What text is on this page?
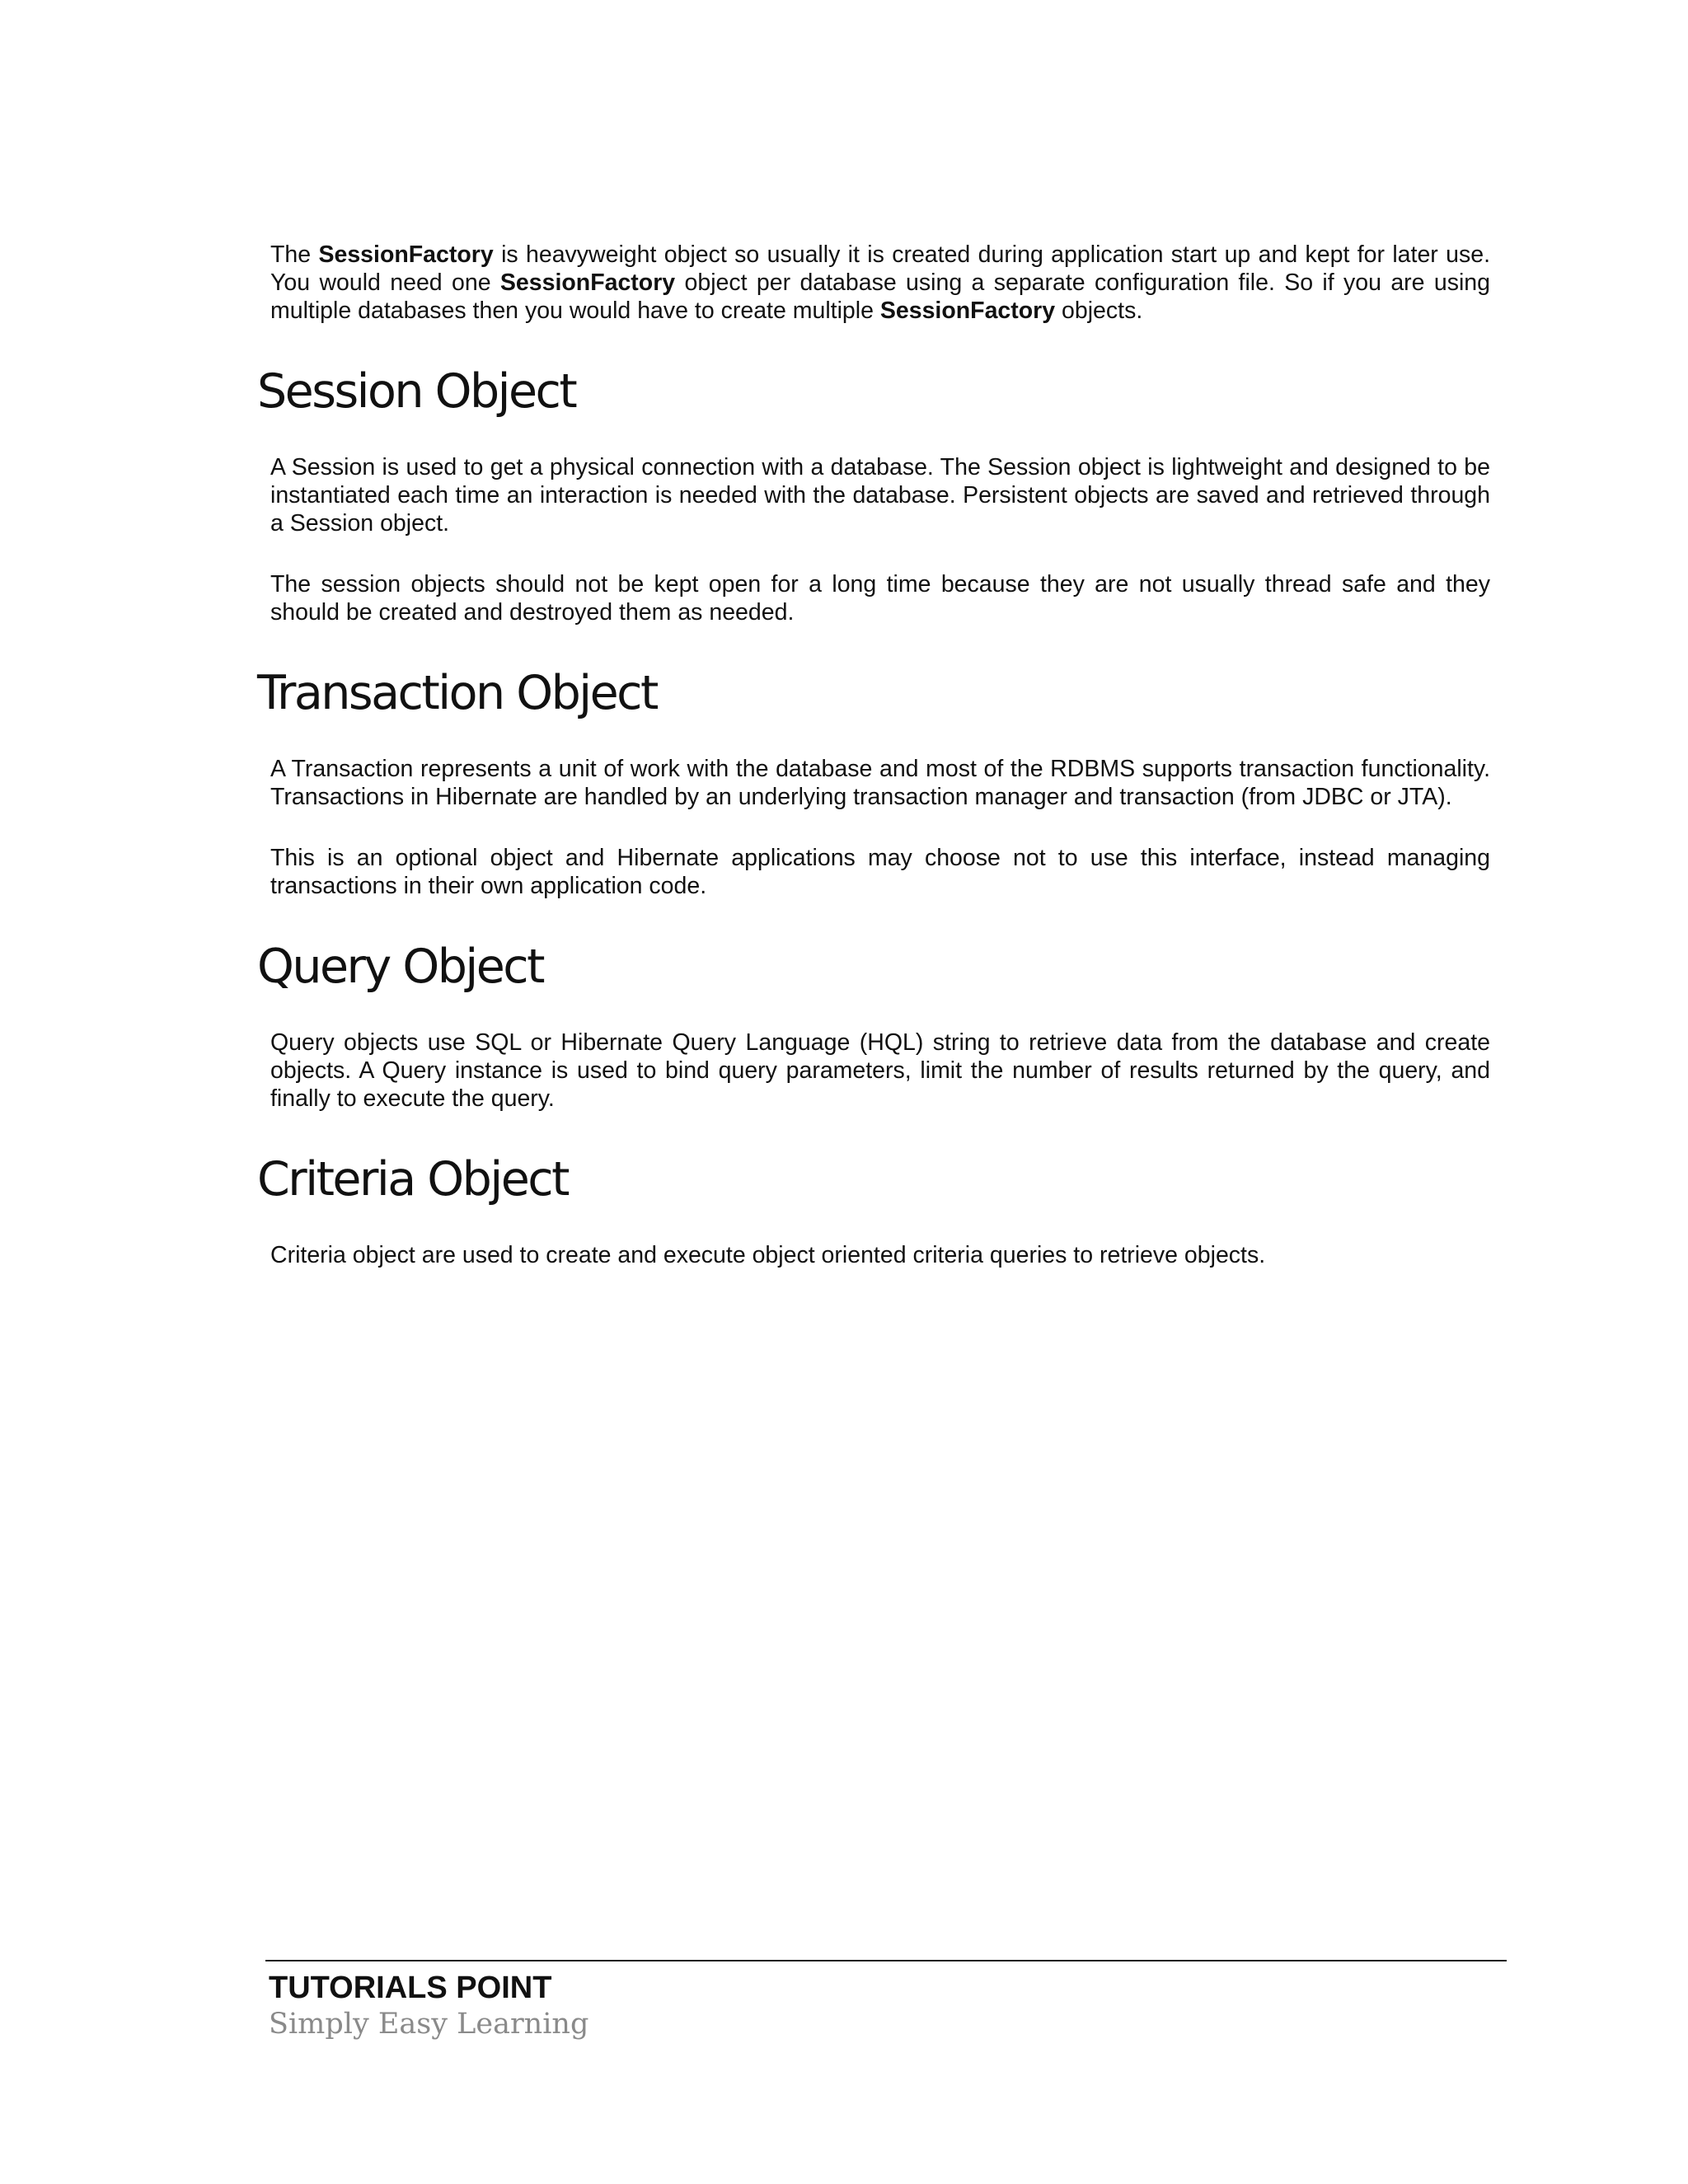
The SessionFactory is heavyweight object so usually it is created during application start up and kept for later use. You would need one SessionFactory object per database using a separate configuration file. So if you are using multiple databases then you would have to create multiple SessionFactory objects.

Session Object

A Session is used to get a physical connection with a database. The Session object is lightweight and designed to be instantiated each time an interaction is needed with the database. Persistent objects are saved and retrieved through a Session object.

The session objects should not be kept open for a long time because they are not usually thread safe and they should be created and destroyed them as needed.

Transaction Object

A Transaction represents a unit of work with the database and most of the RDBMS supports transaction functionality. Transactions in Hibernate are handled by an underlying transaction manager and transaction (from JDBC or JTA).

This is an optional object and Hibernate applications may choose not to use this interface, instead managing transactions in their own application code.

Query Object

Query objects use SQL or Hibernate Query Language (HQL) string to retrieve data from the database and create objects. A Query instance is used to bind query parameters, limit the number of results returned by the query, and finally to execute the query.

Criteria Object

Criteria object are used to create and execute object oriented criteria queries to retrieve objects.

TUTORIALS POINT
Simply Easy Learning
